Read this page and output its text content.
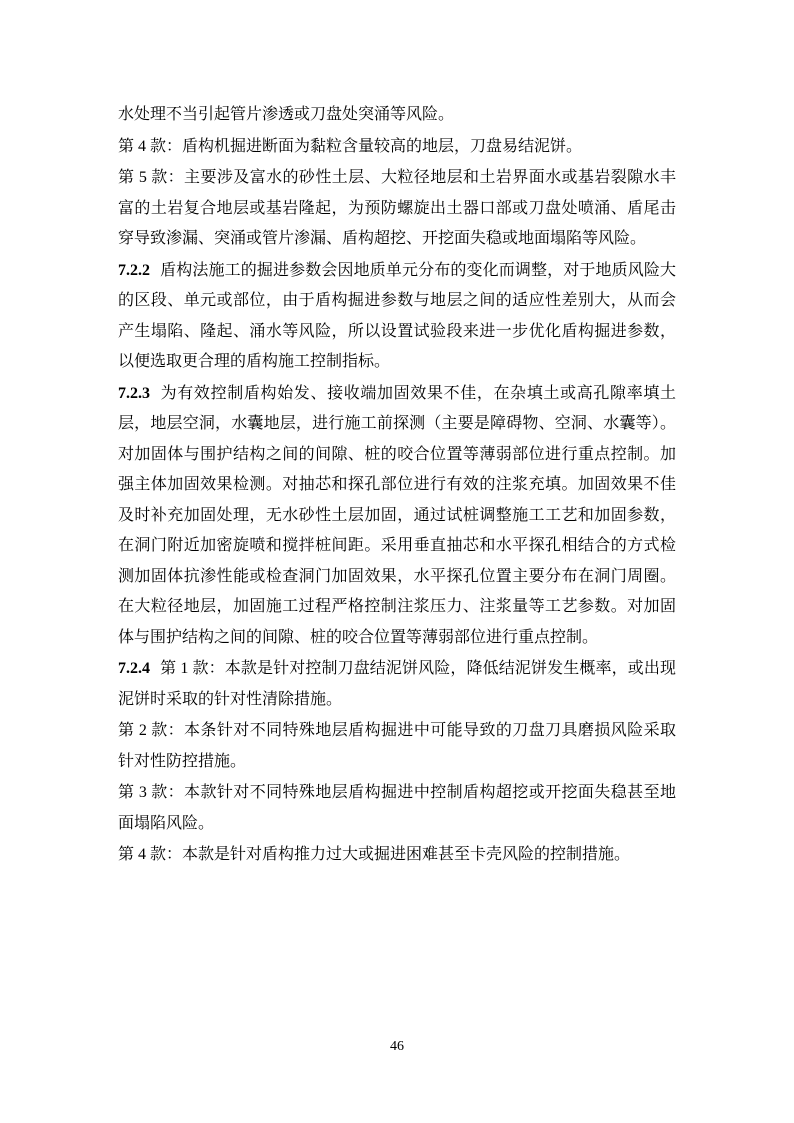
水处理不当引起管片渗透或刀盘处突涌等风险。

第 4 款：盾构机掘进断面为黏粒含量较高的地层，刀盘易结泥饼。

第 5 款：主要涉及富水的砂性土层、大粒径地层和土岩界面水或基岩裂隙水丰富的土岩复合地层或基岩隆起，为预防螺旋出土器口部或刀盘处喷涌、盾尾击穿导致渗漏、突涌或管片渗漏、盾构超挖、开挖面失稳或地面塌陷等风险。

7.2.2 盾构法施工的掘进参数会因地质单元分布的变化而调整，对于地质风险大的区段、单元或部位，由于盾构掘进参数与地层之间的适应性差别大，从而会产生塌陷、隆起、涌水等风险，所以设置试验段来进一步优化盾构掘进参数，以便选取更合理的盾构施工控制指标。

7.2.3 为有效控制盾构始发、接收端加固效果不佳，在杂填土或高孔隙率填土层，地层空洞，水囊地层，进行施工前探测（主要是障碍物、空洞、水囊等）。对加固体与围护结构之间的间隙、桩的咬合位置等薄弱部位进行重点控制。加强主体加固效果检测。对抽芯和探孔部位进行有效的注浆充填。加固效果不佳及时补充加固处理，无水砂性土层加固，通过试桩调整施工工艺和加固参数，在洞门附近加密旋喷和搅拌桩间距。采用垂直抽芯和水平探孔相结合的方式检测加固体抗渗性能或检查洞门加固效果，水平探孔位置主要分布在洞门周圈。在大粒径地层，加固施工过程严格控制注浆压力、注浆量等工艺参数。对加固体与围护结构之间的间隙、桩的咬合位置等薄弱部位进行重点控制。

7.2.4 第 1 款：本款是针对控制刀盘结泥饼风险，降低结泥饼发生概率，或出现泥饼时采取的针对性清除措施。

第 2 款：本条针对不同特殊地层盾构掘进中可能导致的刀盘刀具磨损风险采取针对性防控措施。

第 3 款：本款针对不同特殊地层盾构掘进中控制盾构超挖或开挖面失稳甚至地面塌陷风险。

第 4 款：本款是针对盾构推力过大或掘进困难甚至卡壳风险的控制措施。

46
